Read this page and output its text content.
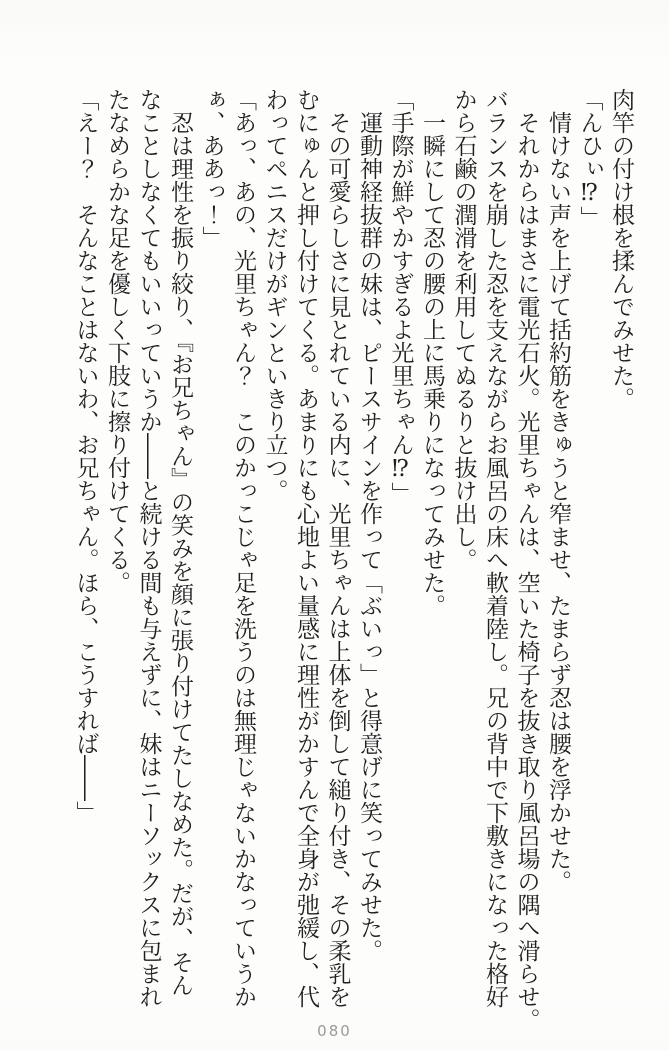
肉竿の付け根を揉んでみせた。
「んひぃ⁉」
　情けない声を上げて括約筋をきゅうと窄ませ、たまらず忍は腰を浮かせた。
　それからはまさに電光石火。光里ちゃんは、空いた椅子を抜き取り風呂場の隅へ滑らせ。
バランスを崩した忍を支えながらお風呂の床へ軟着陸し。兄の背中で下敷きになった格好
から石鹸の潤滑を利用してぬるりと抜け出し。
　一瞬にして忍の腰の上に馬乗りになってみせた。
「手際が鮮やかすぎるよ光里ちゃん⁉」
　運動神経抜群の妹は、ピースサインを作って「ぶいっ」と得意げに笑ってみせた。
　その可愛らしさに見とれている内に、光里ちゃんは上体を倒して縋り付き、その柔乳を
むにゅんと押し付けてくる。あまりにも心地よい量感に理性がかすんで全身が弛緩し、代
わってペニスだけがギンといきり立つ。
「あっ、あの、光里ちゃん？　このかっこじゃ足を洗うのは無理じゃないかなっていうか
ぁ、ああっ！」
　忍は理性を振り絞り、『お兄ちゃん』の笑みを顔に張り付けてたしなめた。だが、そん
なことしなくてもいいっていうか――と続ける間も与えずに、妹はニーソックスに包まれ
たなめらかな足を優しく下肢に擦り付けてくる。
「えー？　そんなことはないわ、お兄ちゃん。ほら、こうすれば――」
080
